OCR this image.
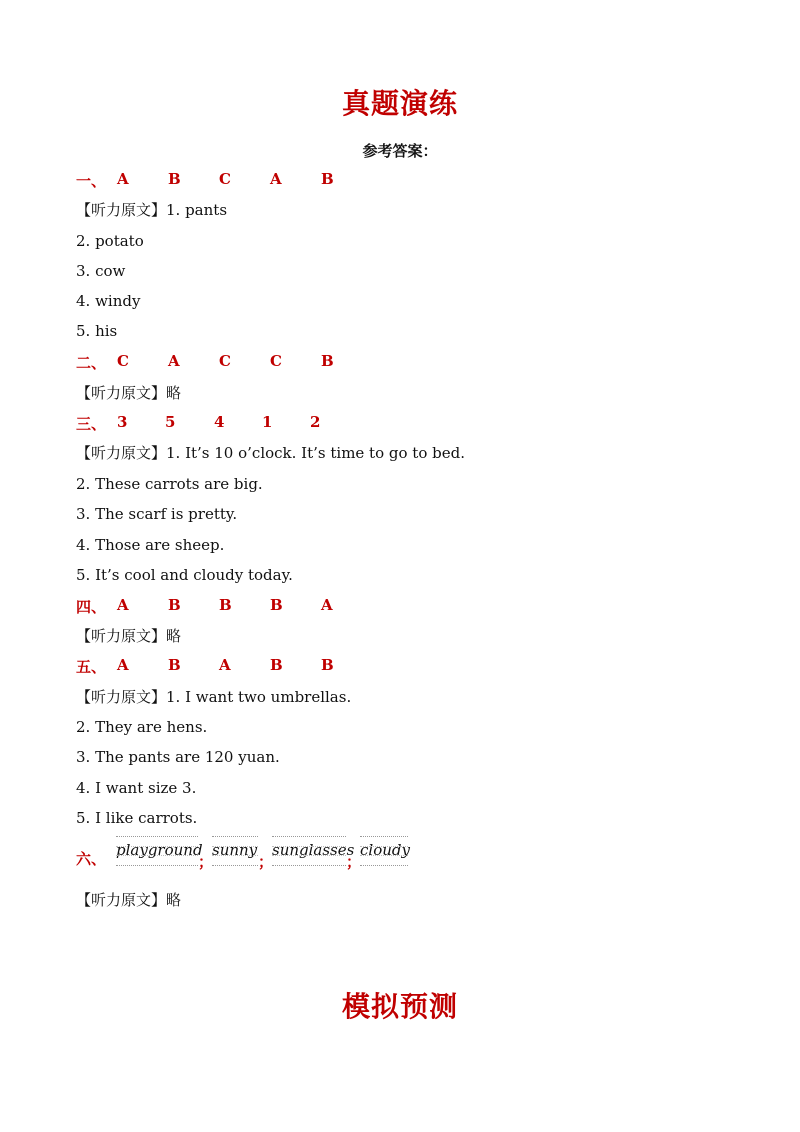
真题演练
参考答案：
一、 A	B	C	A	B
【听力原文】1. pants
2. potato
3. cow
4. windy
5. his
二、 C	A	C	C	B
【听力原文】略
三、 3	5	4	1	2
【听力原文】1. It’s 10 o’clock. It’s time to go to bed.
2. These carrots are big.
3. The scarf is pretty.
4. Those are sheep.
5. It’s cool and cloudy today.
四、 A	B	B	B	A
【听力原文】略
五、 A	B	A	B	B
【听力原文】1. I want two umbrellas.
2. They are hens.
3. The pants are 120 yuan.
4. I want size 3.
5. I like carrots.
六、 playground
；
sunny
；
sunglasses
；
cloudy
【听力原文】略
模拟预测
